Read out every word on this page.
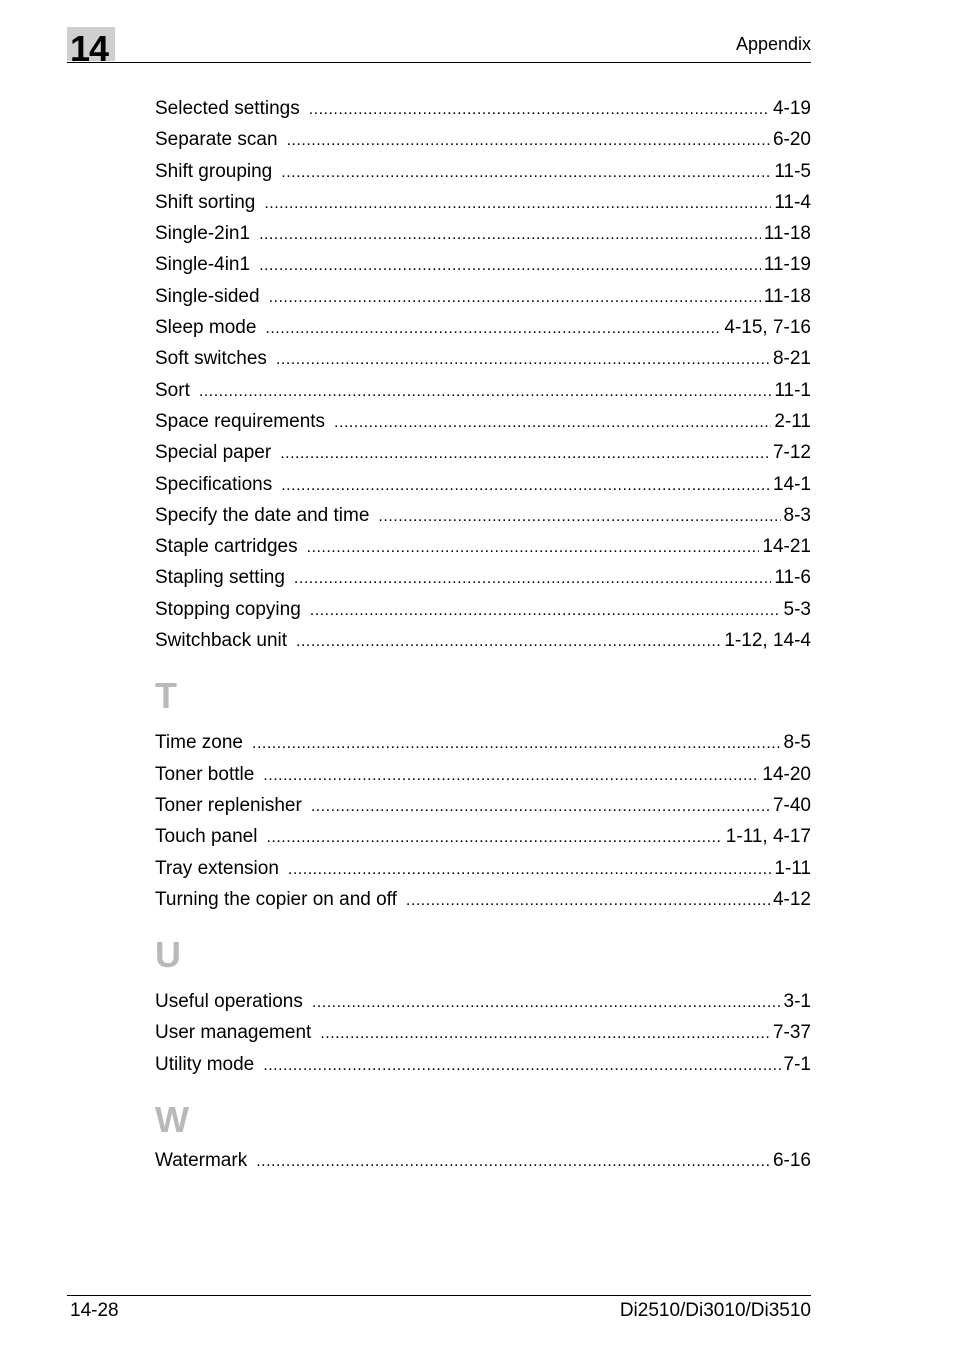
14	Appendix
Selected settings .....	4-19
Separate scan .....	6-20
Shift grouping .....	11-5
Shift sorting .....	11-4
Single-2in1 .....	11-18
Single-4in1 .....	11-19
Single-sided .....	11-18
Sleep mode .....	4-15, 7-16
Soft switches .....	8-21
Sort .....	11-1
Space requirements .....	2-11
Special paper .....	7-12
Specifications .....	14-1
Specify the date and time .....	8-3
Staple cartridges .....	14-21
Stapling setting .....	11-6
Stopping copying .....	5-3
Switchback unit .....	1-12, 14-4
T
Time zone .....	8-5
Toner bottle .....	14-20
Toner replenisher .....	7-40
Touch panel .....	1-11, 4-17
Tray extension .....	1-11
Turning the copier on and off .....	4-12
U
Useful operations .....	3-1
User management .....	7-37
Utility mode .....	7-1
W
Watermark .....	6-16
14-28	Di2510/Di3010/Di3510
